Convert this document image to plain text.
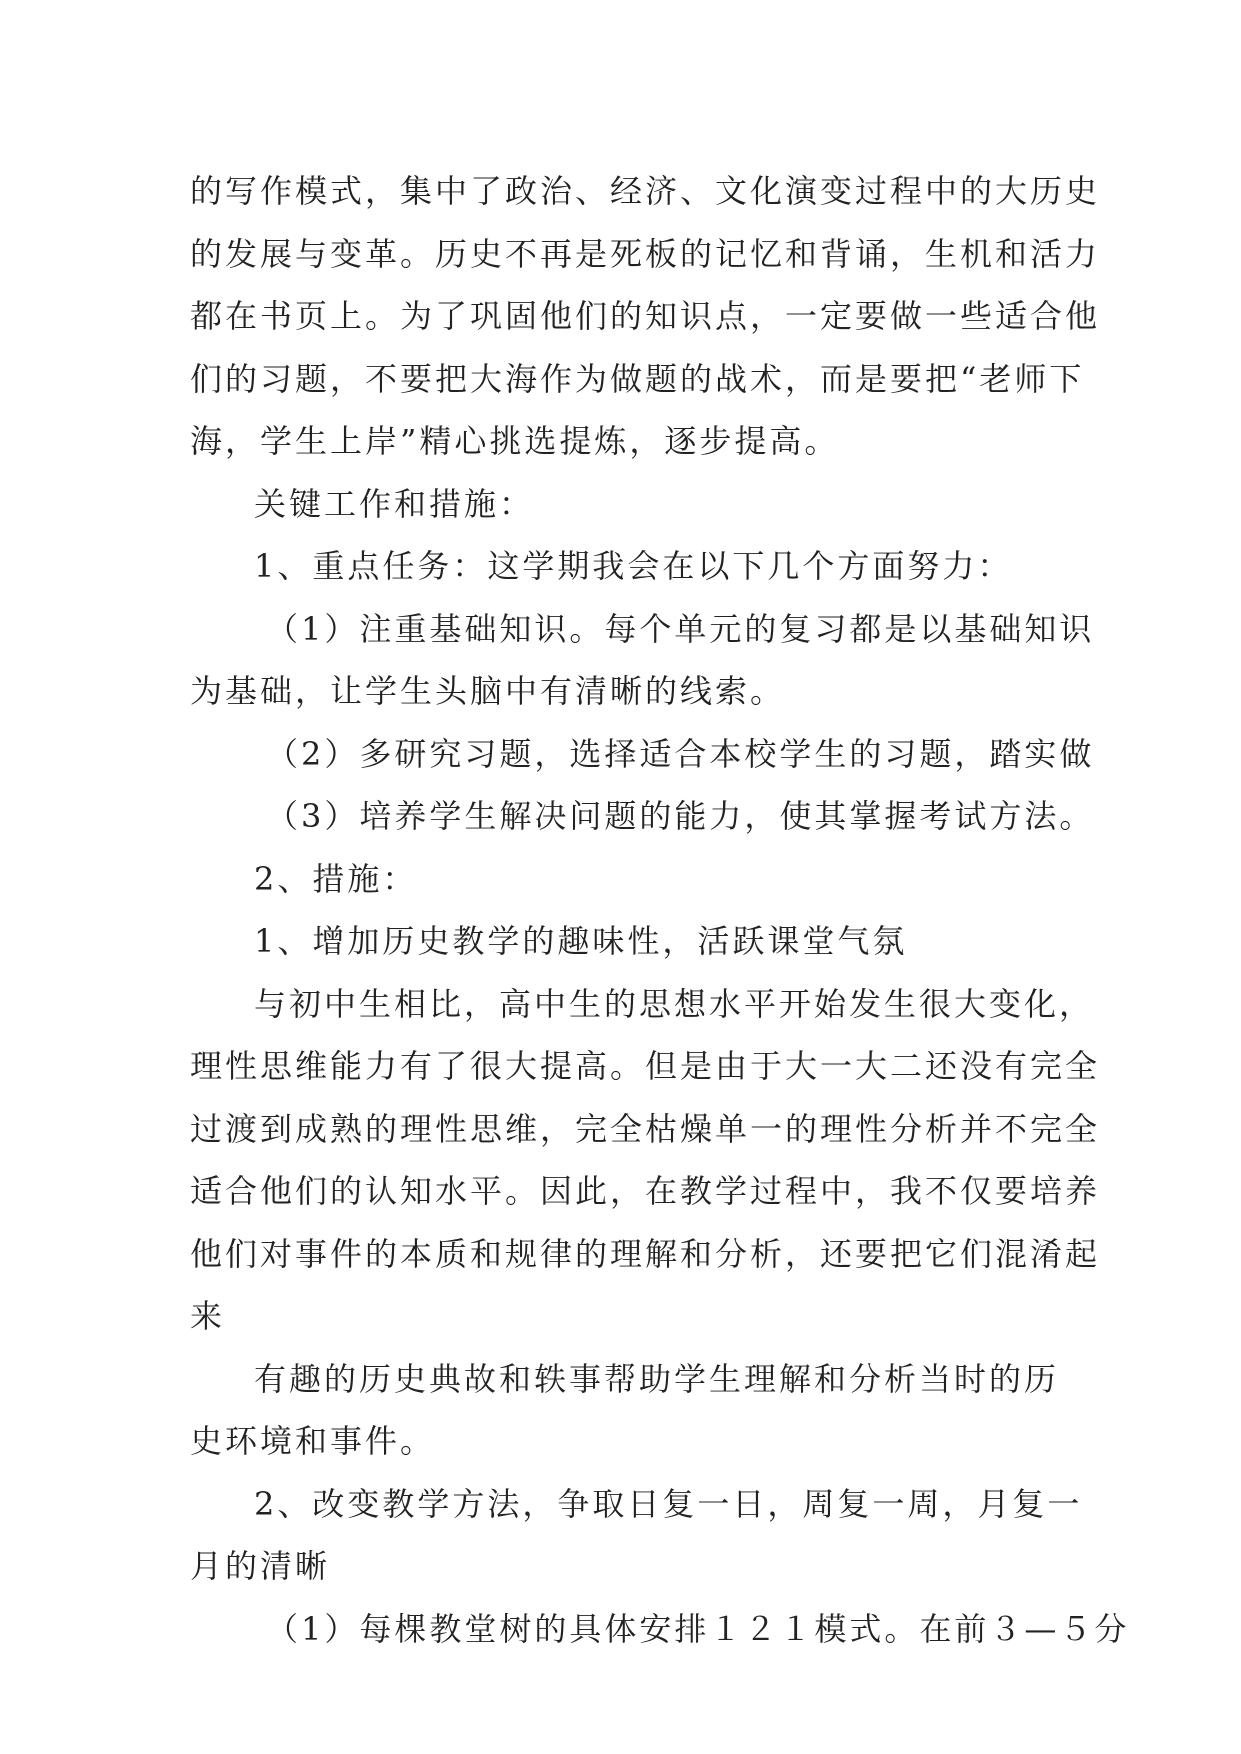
的写作模式，集中了政治、经济、文化演变过程中的大历史
的发展与变革。历史不再是死板的记忆和背诵，生机和活力
都在书页上。为了巩固他们的知识点，一定要做一些适合他
们的习题，不要把大海作为做题的战术，而是要把“老师下
海，学生上岸”精心挑选提炼，逐步提高。
关键工作和措施：
1、重点任务：这学期我会在以下几个方面努力：
（1）注重基础知识。每个单元的复习都是以基础知识
为基础，让学生头脑中有清晰的线索。
（2）多研究习题，选择适合本校学生的习题，踏实做
（3）培养学生解决问题的能力，使其掌握考试方法。
2、措施：
1、增加历史教学的趣味性，活跃课堂气氛
与初中生相比，高中生的思想水平开始发生很大变化，
理性思维能力有了很大提高。但是由于大一大二还没有完全
过渡到成熟的理性思维，完全枯燥单一的理性分析并不完全
适合他们的认知水平。因此，在教学过程中，我不仅要培养
他们对事件的本质和规律的理解和分析，还要把它们混淆起
来
有趣的历史典故和轶事帮助学生理解和分析当时的历
史环境和事件。
2、改变教学方法，争取日复一日，周复一周，月复一
月的清晰
（1）每棵教堂树的具体安排１２１模式。在前３—５分
